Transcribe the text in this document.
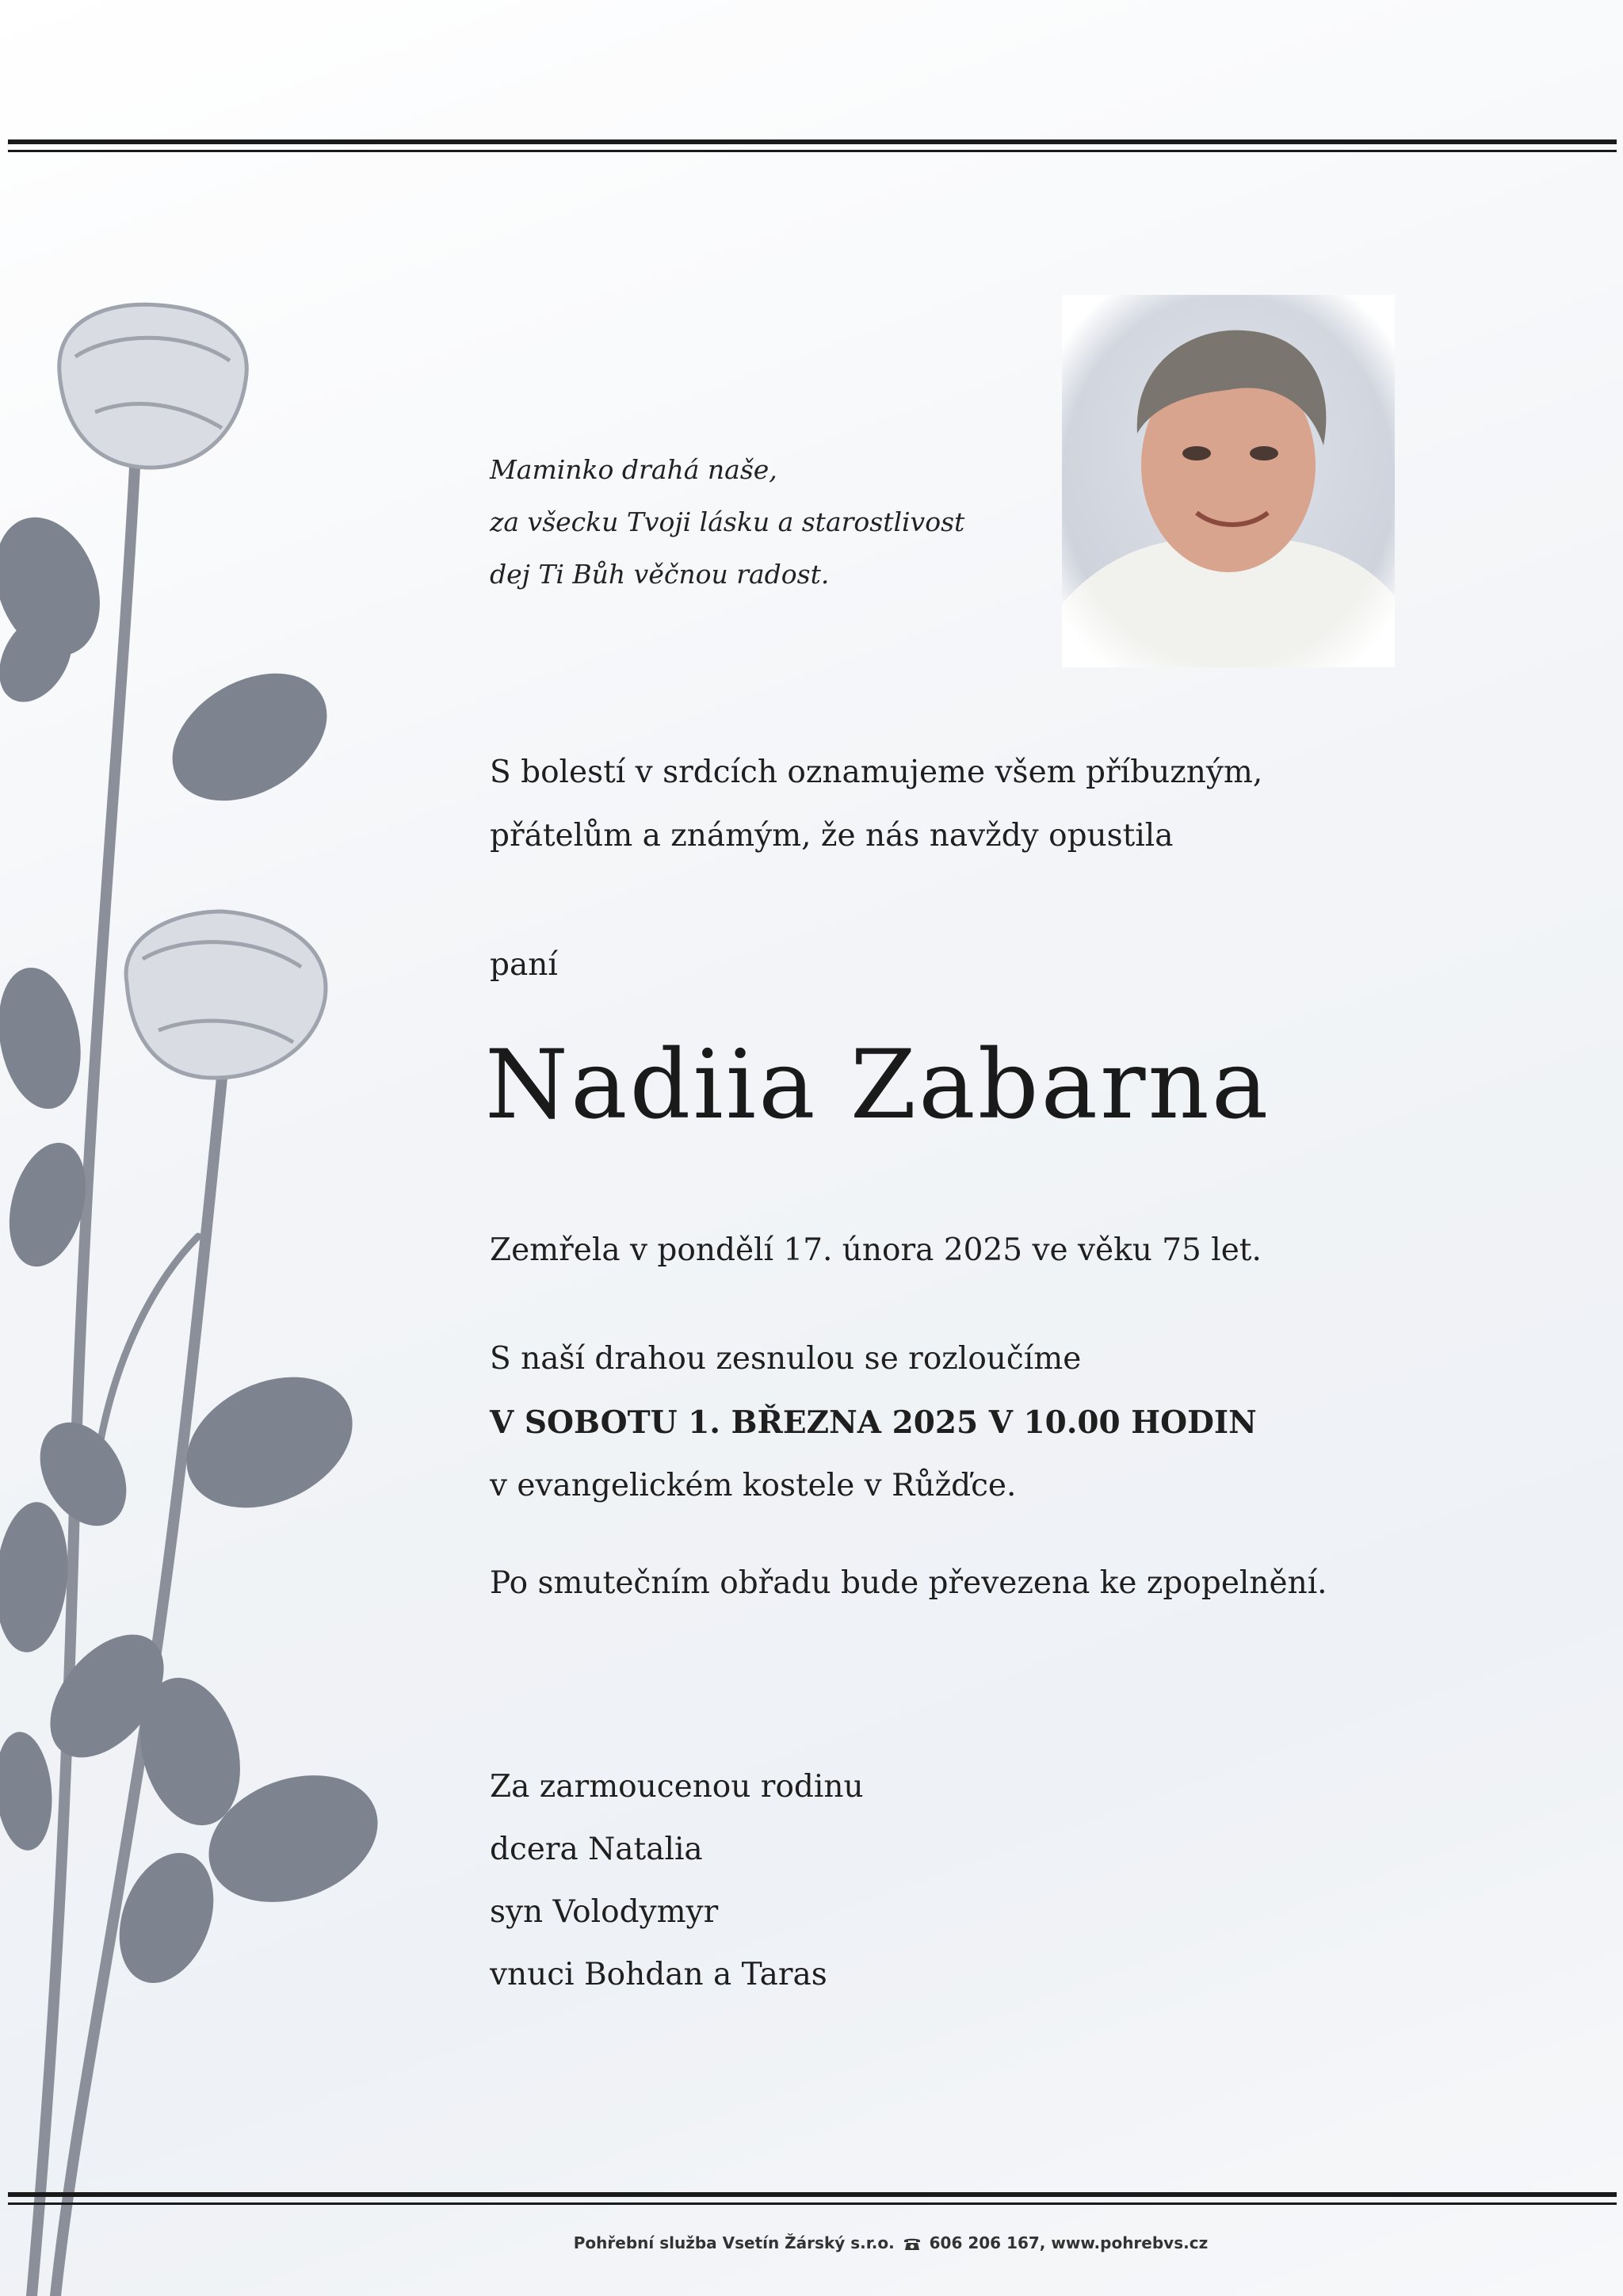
Maminko drahá naše,
za všecku Tvoji lásku a starostlivost
dej Ti Bůh věčnou radost.
S bolestí v srdcích oznamujeme všem příbuzným,
přátelům a známým, že nás navždy opustila
paní
Nadiia Zabarna
Zemřela v pondělí 17. února 2025 ve věku 75 let.
S naší drahou zesnulou se rozloučíme
V SOBOTU 1. BŘEZNA 2025 V 10.00 HODIN
v evangelickém kostele v Růžďce.
Po smutečním obřadu bude převezena ke zpopelnění.
Za zarmoucenou rodinu
dcera Natalia
syn Volodymyr
vnuci Bohdan a Taras
Pohřební služba Vsetín Žárský s.r.o. 606 206 167, www.pohrebvs.cz
